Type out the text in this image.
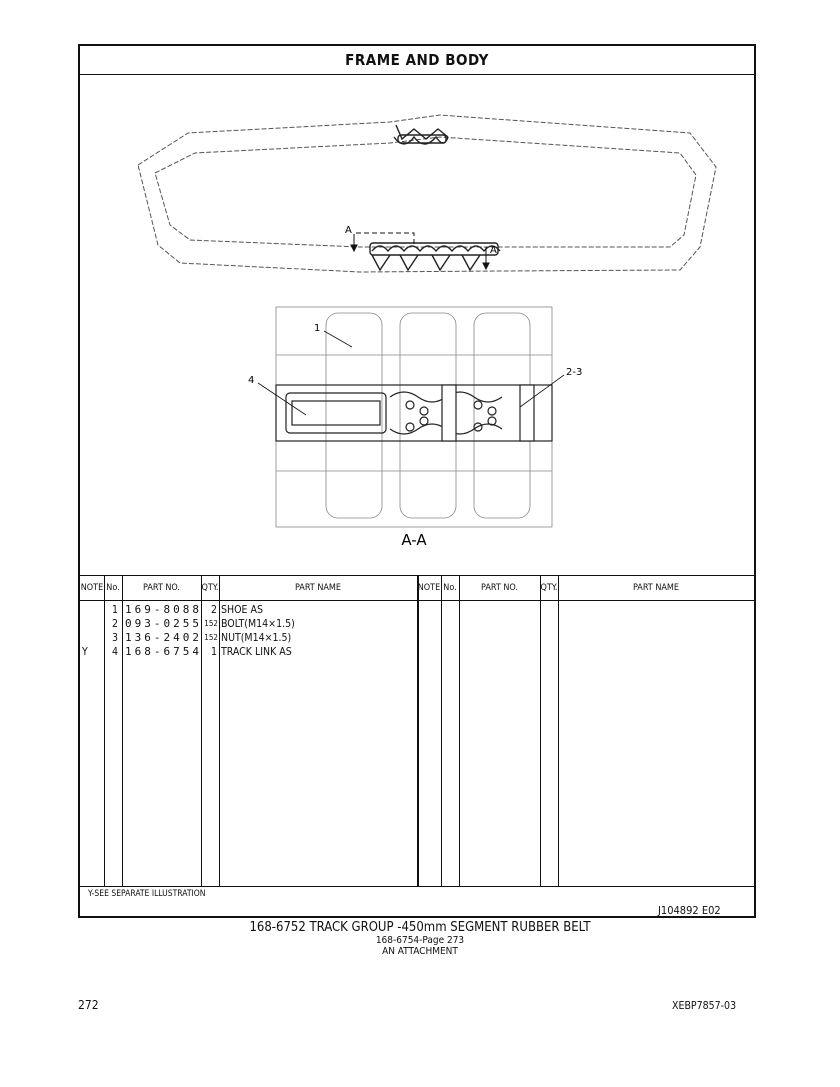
FRAME AND BODY
A
A
1
2-3
4
A-A
NOTE No.	PART NO.	QTY.	PART NAME	NOTE No.	PART NO.	QTY.	PART NAME
1 169-8088 2 SHOE AS
2 093-0255 152 BOLT(M14×1.5)
3 136-2402 152 NUT(M14×1.5)
Y 4 168-6754 1 TRACK LINK AS
Y-SEE SEPARATE ILLUSTRATION
J104892 E02
168-6752 TRACK GROUP -450mm SEGMENT RUBBER BELT
168-6754-Page 273
AN ATTACHMENT
272	XEBP7857-03
